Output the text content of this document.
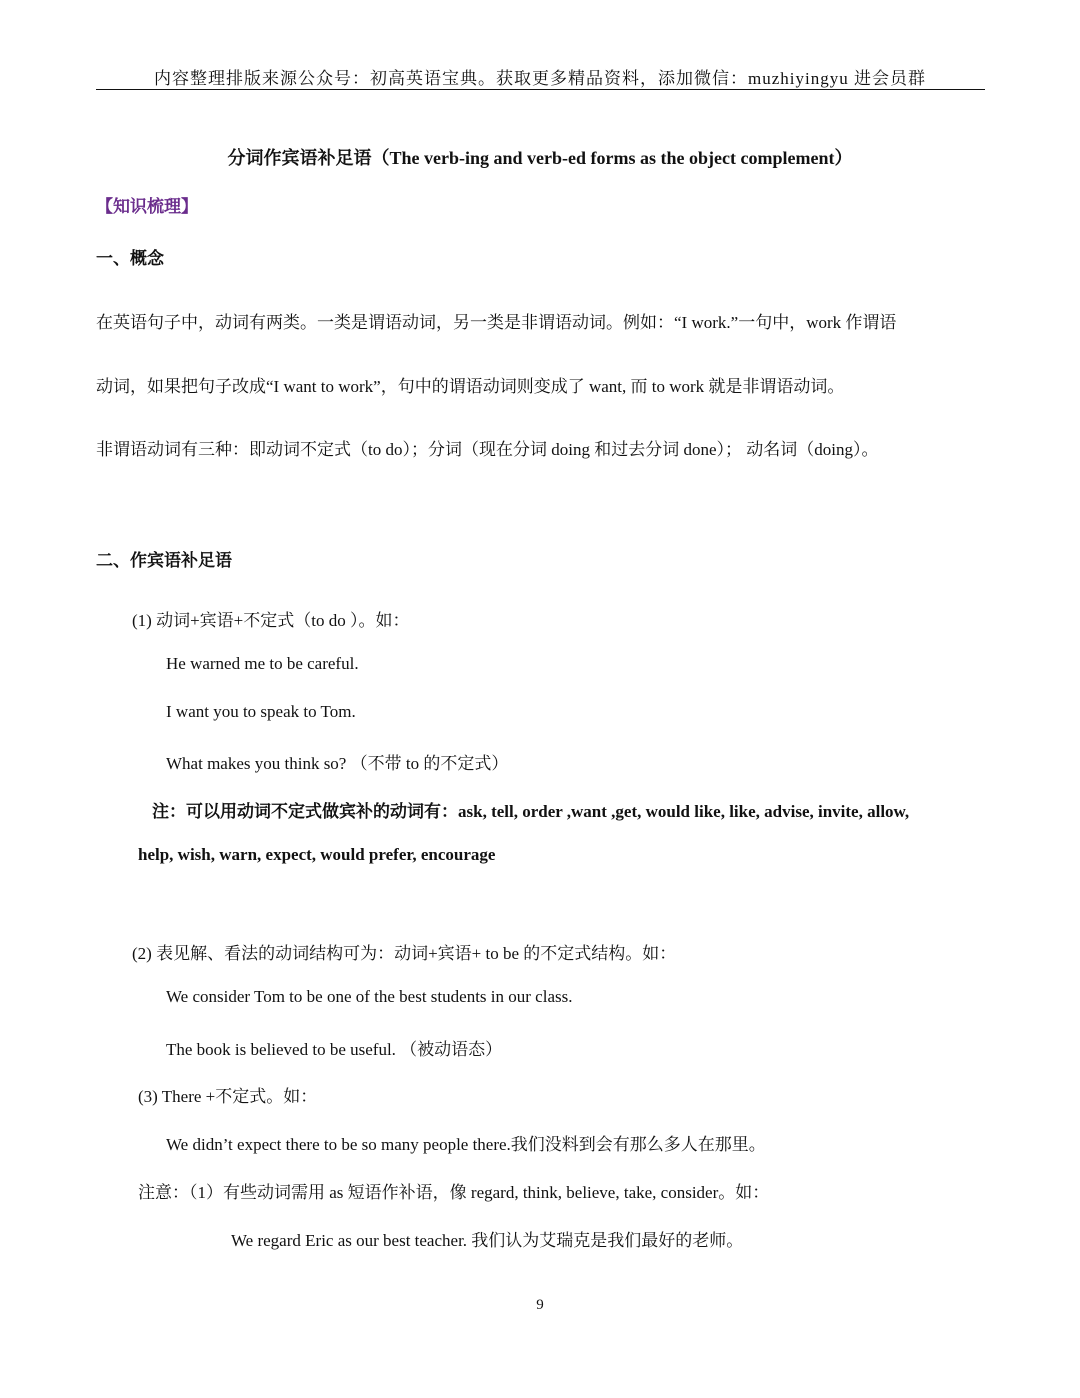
内容整理排版来源公众号：初高英语宝典。获取更多精品资料，添加微信：muzhiyingyu 进会员群
分词作宾语补足语（The verb-ing and verb-ed forms as the object complement）
【知识梳理】
一、概念
在英语句子中，动词有两类。一类是谓语动词，另一类是非谓语动词。例如：“I work.”一句中，work 作谓语
动词，如果把句子改成“I want to work”，句中的谓语动词则变成了 want, 而 to work 就是非谓语动词。
非谓语动词有三种：即动词不定式（to do）；分词（现在分词 doing 和过去分词 done）； 动名词（doing）。
二、作宾语补足语
(1) 动词+宾语+不定式（to do ）。如：
He warned me to be careful.
I want you to speak to Tom.
What makes you think so? （不带 to 的不定式）
注：可以用动词不定式做宾补的动词有：ask, tell, order ,want ,get, would like, like, advise, invite, allow,
help, wish, warn, expect, would prefer, encourage
(2) 表见解、看法的动词结构可为：动词+宾语+ to be 的不定式结构。如：
We consider Tom to be one of the best students in our class.
The book is believed to be useful. （被动语态）
(3) There +不定式。如：
We didn’t expect there to be so many people there.我们没料到会有那么多人在那里。
注意：（1）有些动词需用 as 短语作补语，像 regard, think, believe, take, consider。如：
We regard Eric as our best teacher. 我们认为艾瑞克是我们最好的老师。
9
